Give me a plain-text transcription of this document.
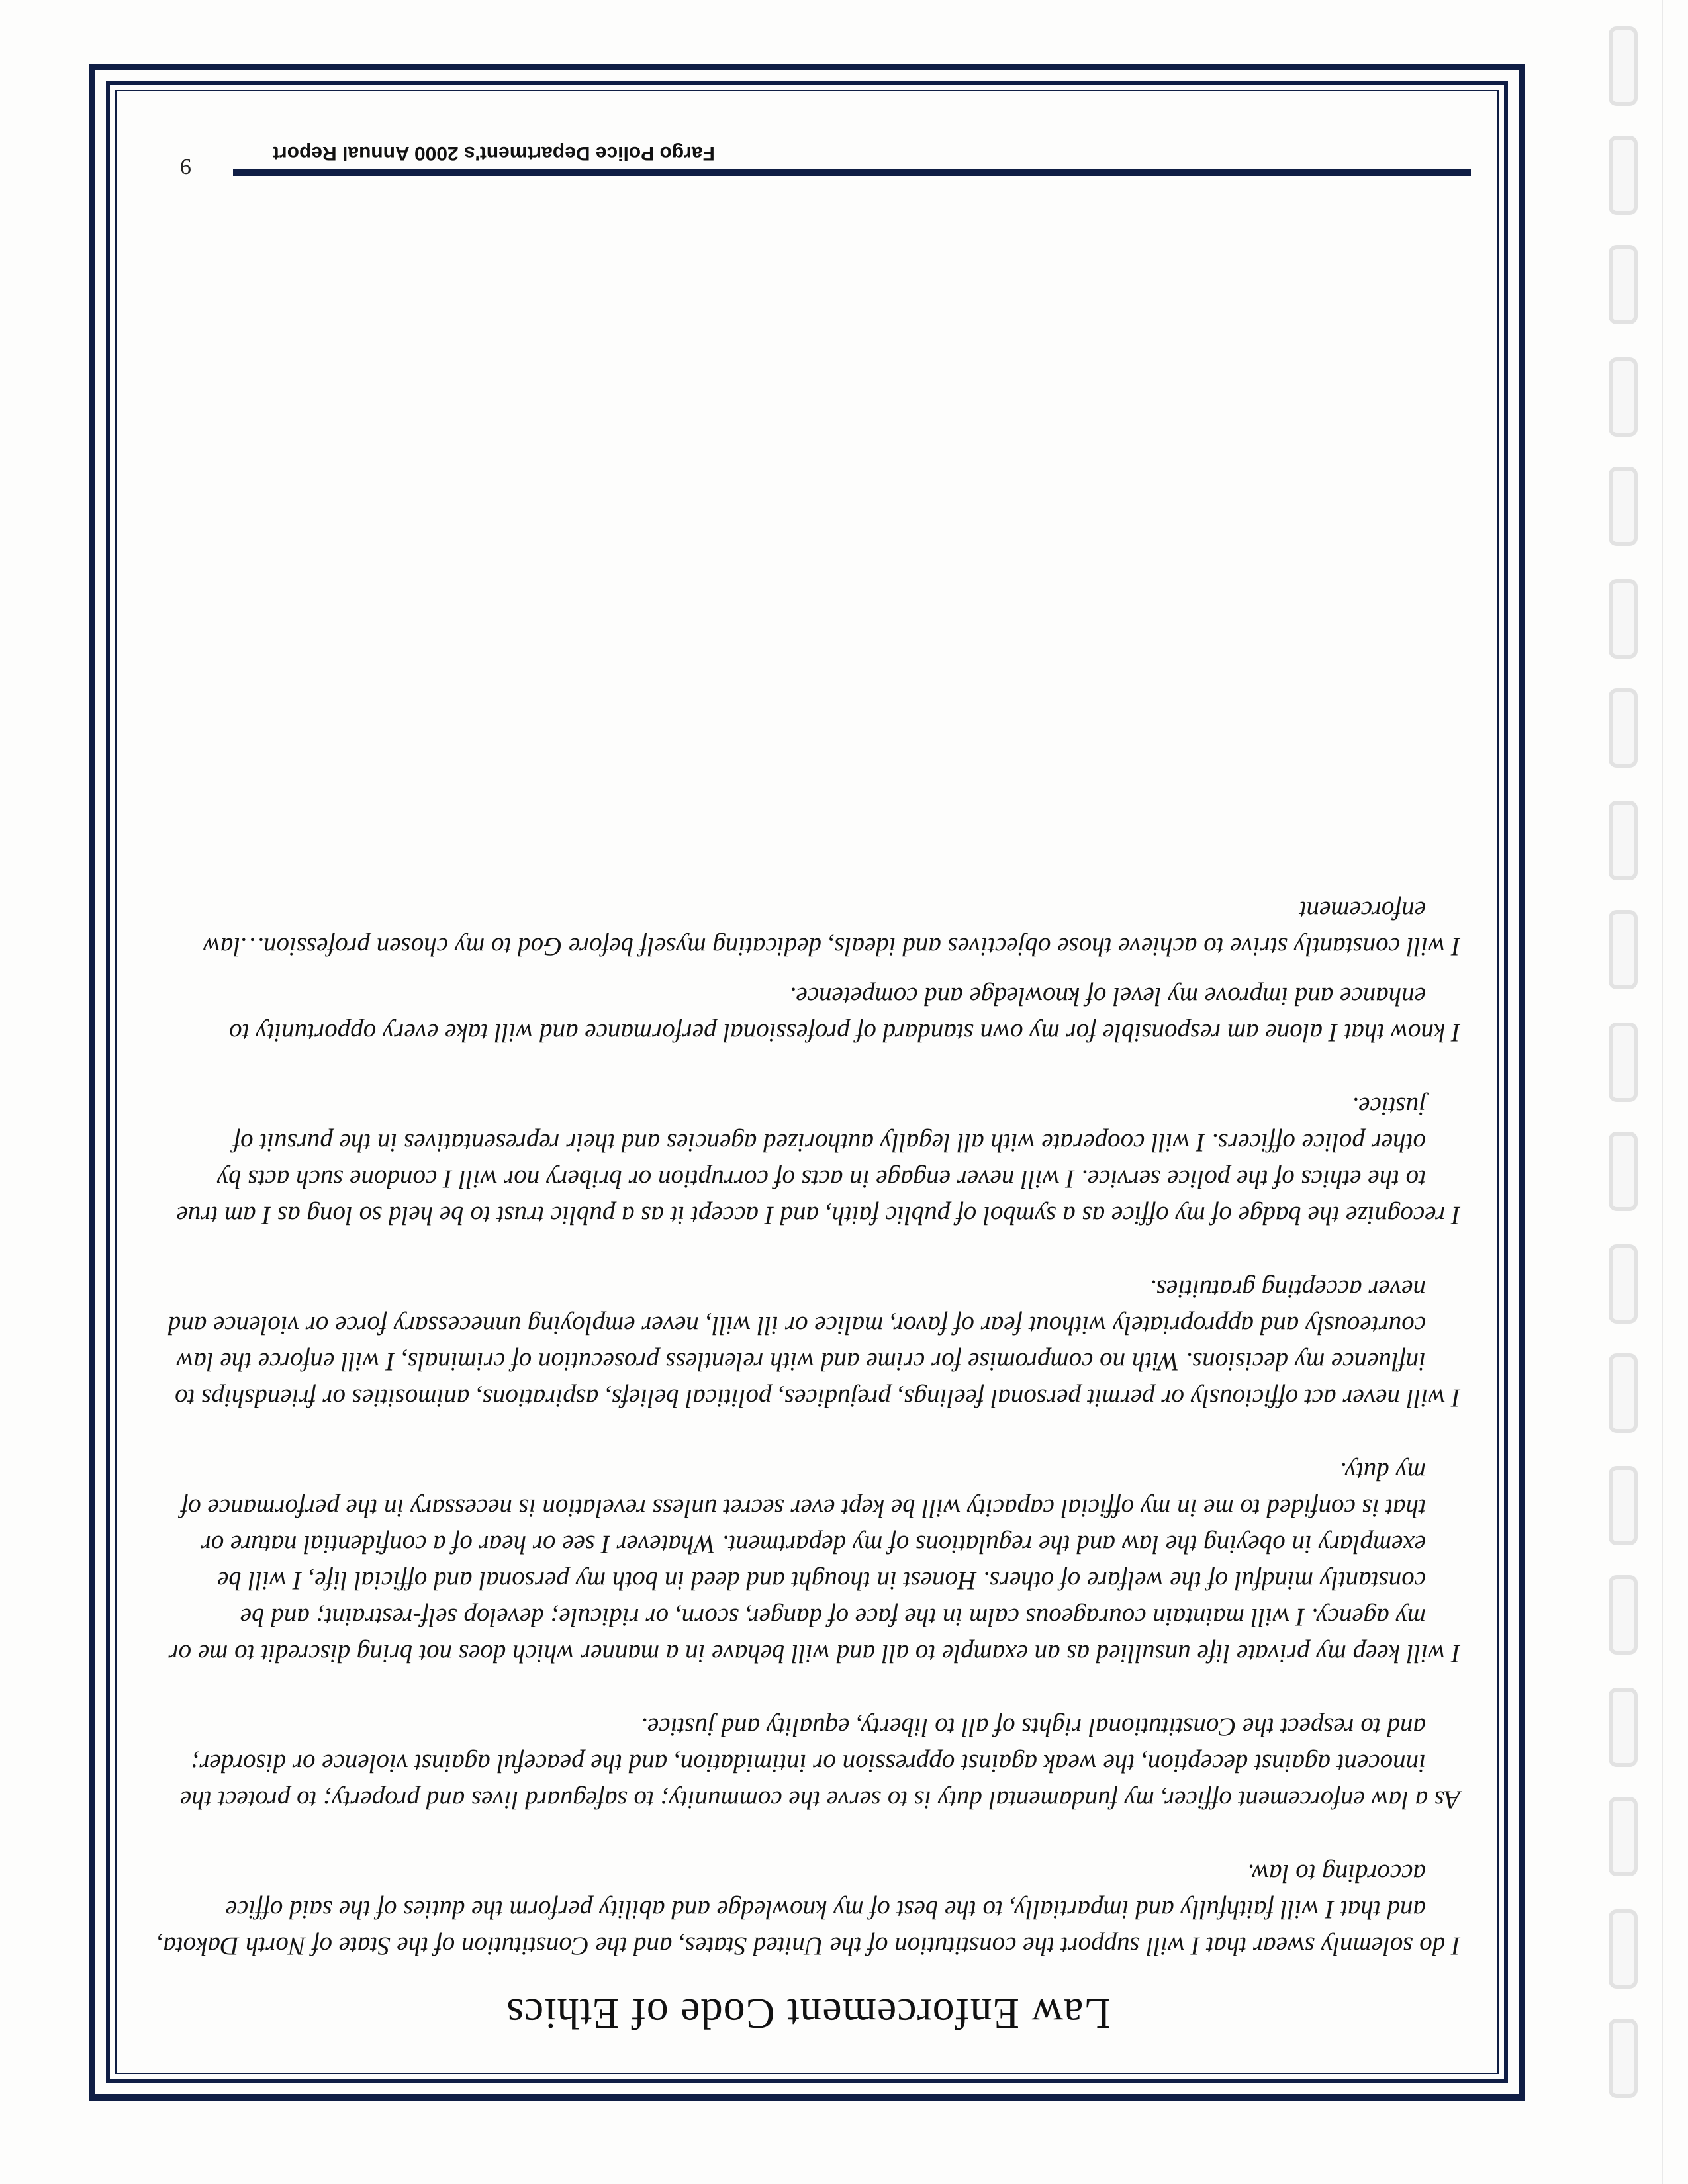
Law Enforcement Code of Ethics

I do solemnly swear that I will support the constitution of the United States, and the Constitution of the State of North Dakota, and that I will faithfully and impartially, to the best of my knowledge and ability perform the duties of the said office according to law.

As a law enforcement officer, my fundamental duty is to serve the community; to safeguard lives and property; to protect the innocent against deception, the weak against oppression or intimidation, and the peaceful against violence or disorder; and to respect the Constitutional rights of all to liberty, equality and justice.

I will keep my private life unsullied as an example to all and will behave in a manner which does not bring discredit to me or my agency. I will maintain courageous calm in the face of danger, scorn, or ridicule; develop self-restraint; and be constantly mindful of the welfare of others. Honest in thought and deed in both my personal and official life, I will be exemplary in obeying the law and the regulations of my department. Whatever I see or hear of a confidential nature or that is confided to me in my official capacity will be kept ever secret unless revelation is necessary in the performance of my duty.

I will never act officiously or permit personal feelings, prejudices, political beliefs, aspirations, animosities or friendships to influence my decisions. With no compromise for crime and with relentless prosecution of criminals, I will enforce the law courteously and appropriately without fear of favor, malice or ill will, never employing unnecessary force or violence and never accepting gratuities.

I recognize the badge of my office as a symbol of public faith, and I accept it as a public trust to be held so long as I am true to the ethics of the police service. I will never engage in acts of corruption or bribery nor will I condone such acts by other police officers. I will cooperate with all legally authorized agencies and their representatives in the pursuit of justice.

I know that I alone am responsible for my own standard of professional performance and will take every opportunity to enhance and improve my level of knowledge and competence.

I will constantly strive to achieve those objectives and ideals, dedicating myself before God to my chosen profession…law enforcement

Fargo Police Department's 2000 Annual Report
9
